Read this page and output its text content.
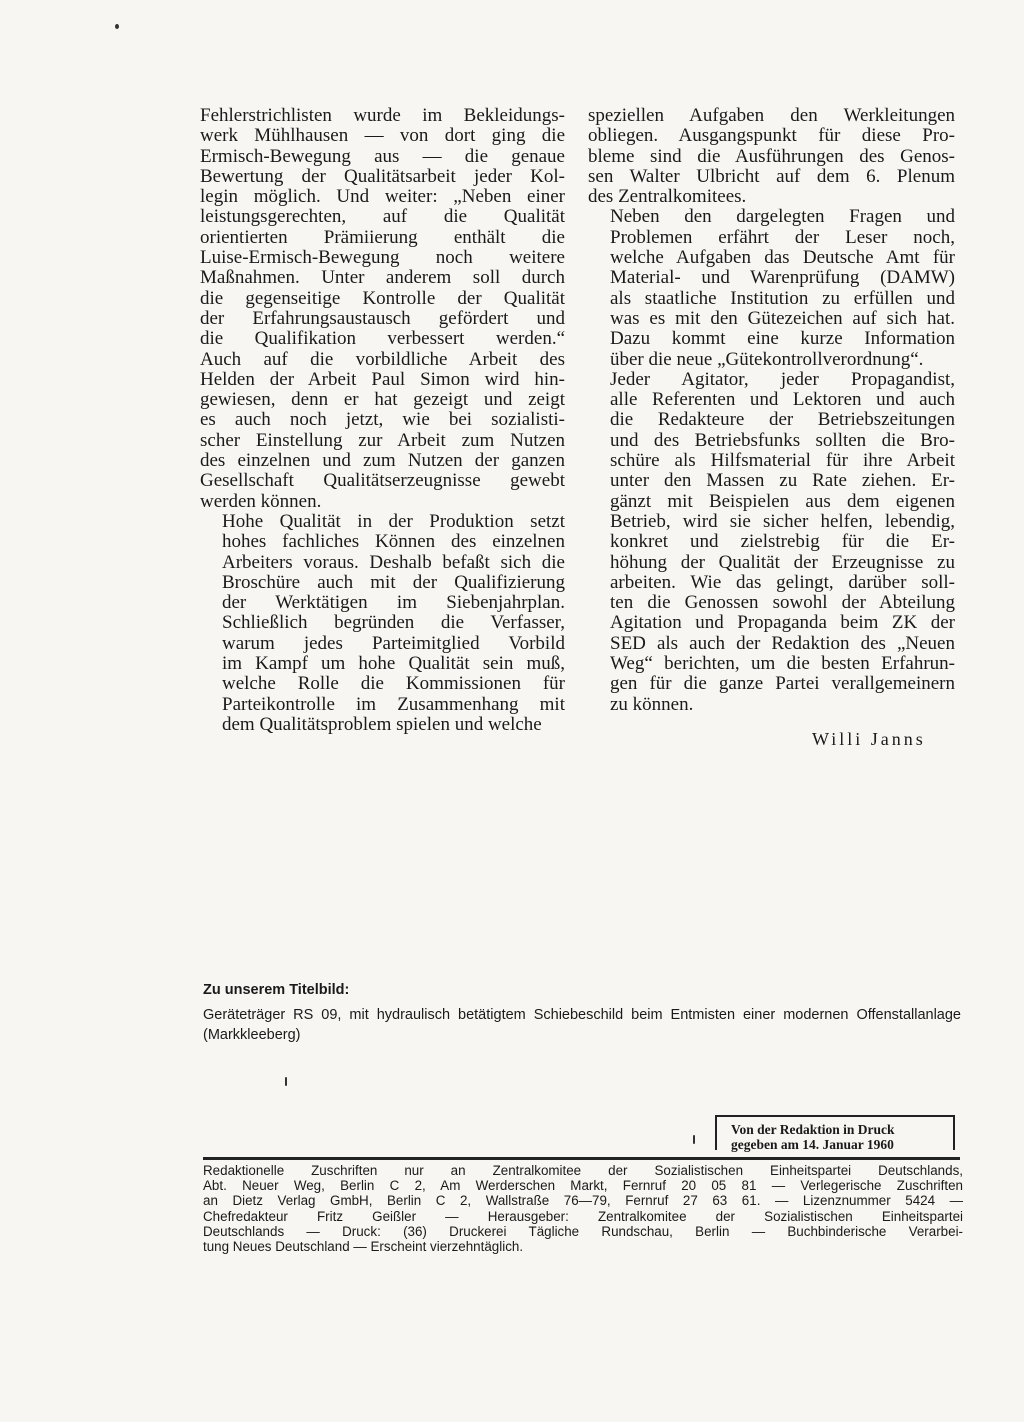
Fehlerstrichlisten wurde im Bekleidungs-
werk Mühlhausen — von dort ging die
Ermisch-Bewegung aus — die genaue
Bewertung der Qualitätsarbeit jeder Kol-
legin möglich. Und weiter: „Neben einer
leistungsgerechten, auf die Qualität
orientierten Prämiierung enthält die
Luise-Ermisch-Bewegung noch weitere
Maßnahmen. Unter anderem soll durch
die gegenseitige Kontrolle der Qualität
der Erfahrungsaustausch gefördert und
die Qualifikation verbessert werden.“
Auch auf die vorbildliche Arbeit des
Helden der Arbeit Paul Simon wird hin-
gewiesen, denn er hat gezeigt und zeigt
es auch noch jetzt, wie bei sozialisti-
scher Einstellung zur Arbeit zum Nutzen
des einzelnen und zum Nutzen der ganzen
Gesellschaft Qualitätserzeugnisse gewebt
werden können.

Hohe Qualität in der Produktion setzt
hohes fachliches Können des einzelnen
Arbeiters voraus. Deshalb befaßt sich die
Broschüre auch mit der Qualifizierung
der Werktätigen im Siebenjahrplan.
Schließlich begründen die Verfasser,
warum jedes Parteimitglied Vorbild
im Kampf um hohe Qualität sein muß,
welche Rolle die Kommissionen für
Parteikontrolle im Zusammenhang mit
dem Qualitätsproblem spielen und welche

speziellen Aufgaben den Werkleitungen
obliegen. Ausgangspunkt für diese Pro-
bleme sind die Ausführungen des Genos-
sen Walter Ulbricht auf dem 6. Plenum
des Zentralkomitees.

Neben den dargelegten Fragen und
Problemen erfährt der Leser noch,
welche Aufgaben das Deutsche Amt für
Material- und Warenprüfung (DAMW)
als staatliche Institution zu erfüllen und
was es mit den Gütezeichen auf sich hat.
Dazu kommt eine kurze Information
über die neue „Gütekontrollverordnung“.

Jeder Agitator, jeder Propagandist,
alle Referenten und Lektoren und auch
die Redakteure der Betriebszeitungen
und des Betriebsfunks sollten die Bro-
schüre als Hilfsmaterial für ihre Arbeit
unter den Massen zu Rate ziehen. Er-
gänzt mit Beispielen aus dem eigenen
Betrieb, wird sie sicher helfen, lebendig,
konkret und zielstrebig für die Er-
höhung der Qualität der Erzeugnisse zu
arbeiten. Wie das gelingt, darüber soll-
ten die Genossen sowohl der Abteilung
Agitation und Propaganda beim ZK der
SED als auch der Redaktion des „Neuen
Weg“ berichten, um die besten Erfahrun-
gen für die ganze Partei verallgemeinern
zu können.

Willi Janns
Zu unserem Titelbild:
Geräteträger RS 09, mit hydraulisch betätigtem Schiebeschild beim Entmisten einer modernen Offenstallanlage (Markkleeberg)
Von der Redaktion in Druck
gegeben am 14. Januar 1960
Redaktionelle Zuschriften nur an Zentralkomitee der Sozialistischen Einheitspartei Deutschlands,
Abt. Neuer Weg, Berlin C 2, Am Werderschen Markt, Fernruf 20 05 81 — Verlegerische Zuschriften
an Dietz Verlag GmbH, Berlin C 2, Wallstraße 76—79, Fernruf 27 63 61. — Lizenznummer 5424 —
Chefredakteur Fritz Geißler — Herausgeber: Zentralkomitee der Sozialistischen Einheitspartei
Deutschlands — Druck: (36) Druckerei Tägliche Rundschau, Berlin — Buchbinderische Verarbei-
tung Neues Deutschland — Erscheint vierzehntäglich.
